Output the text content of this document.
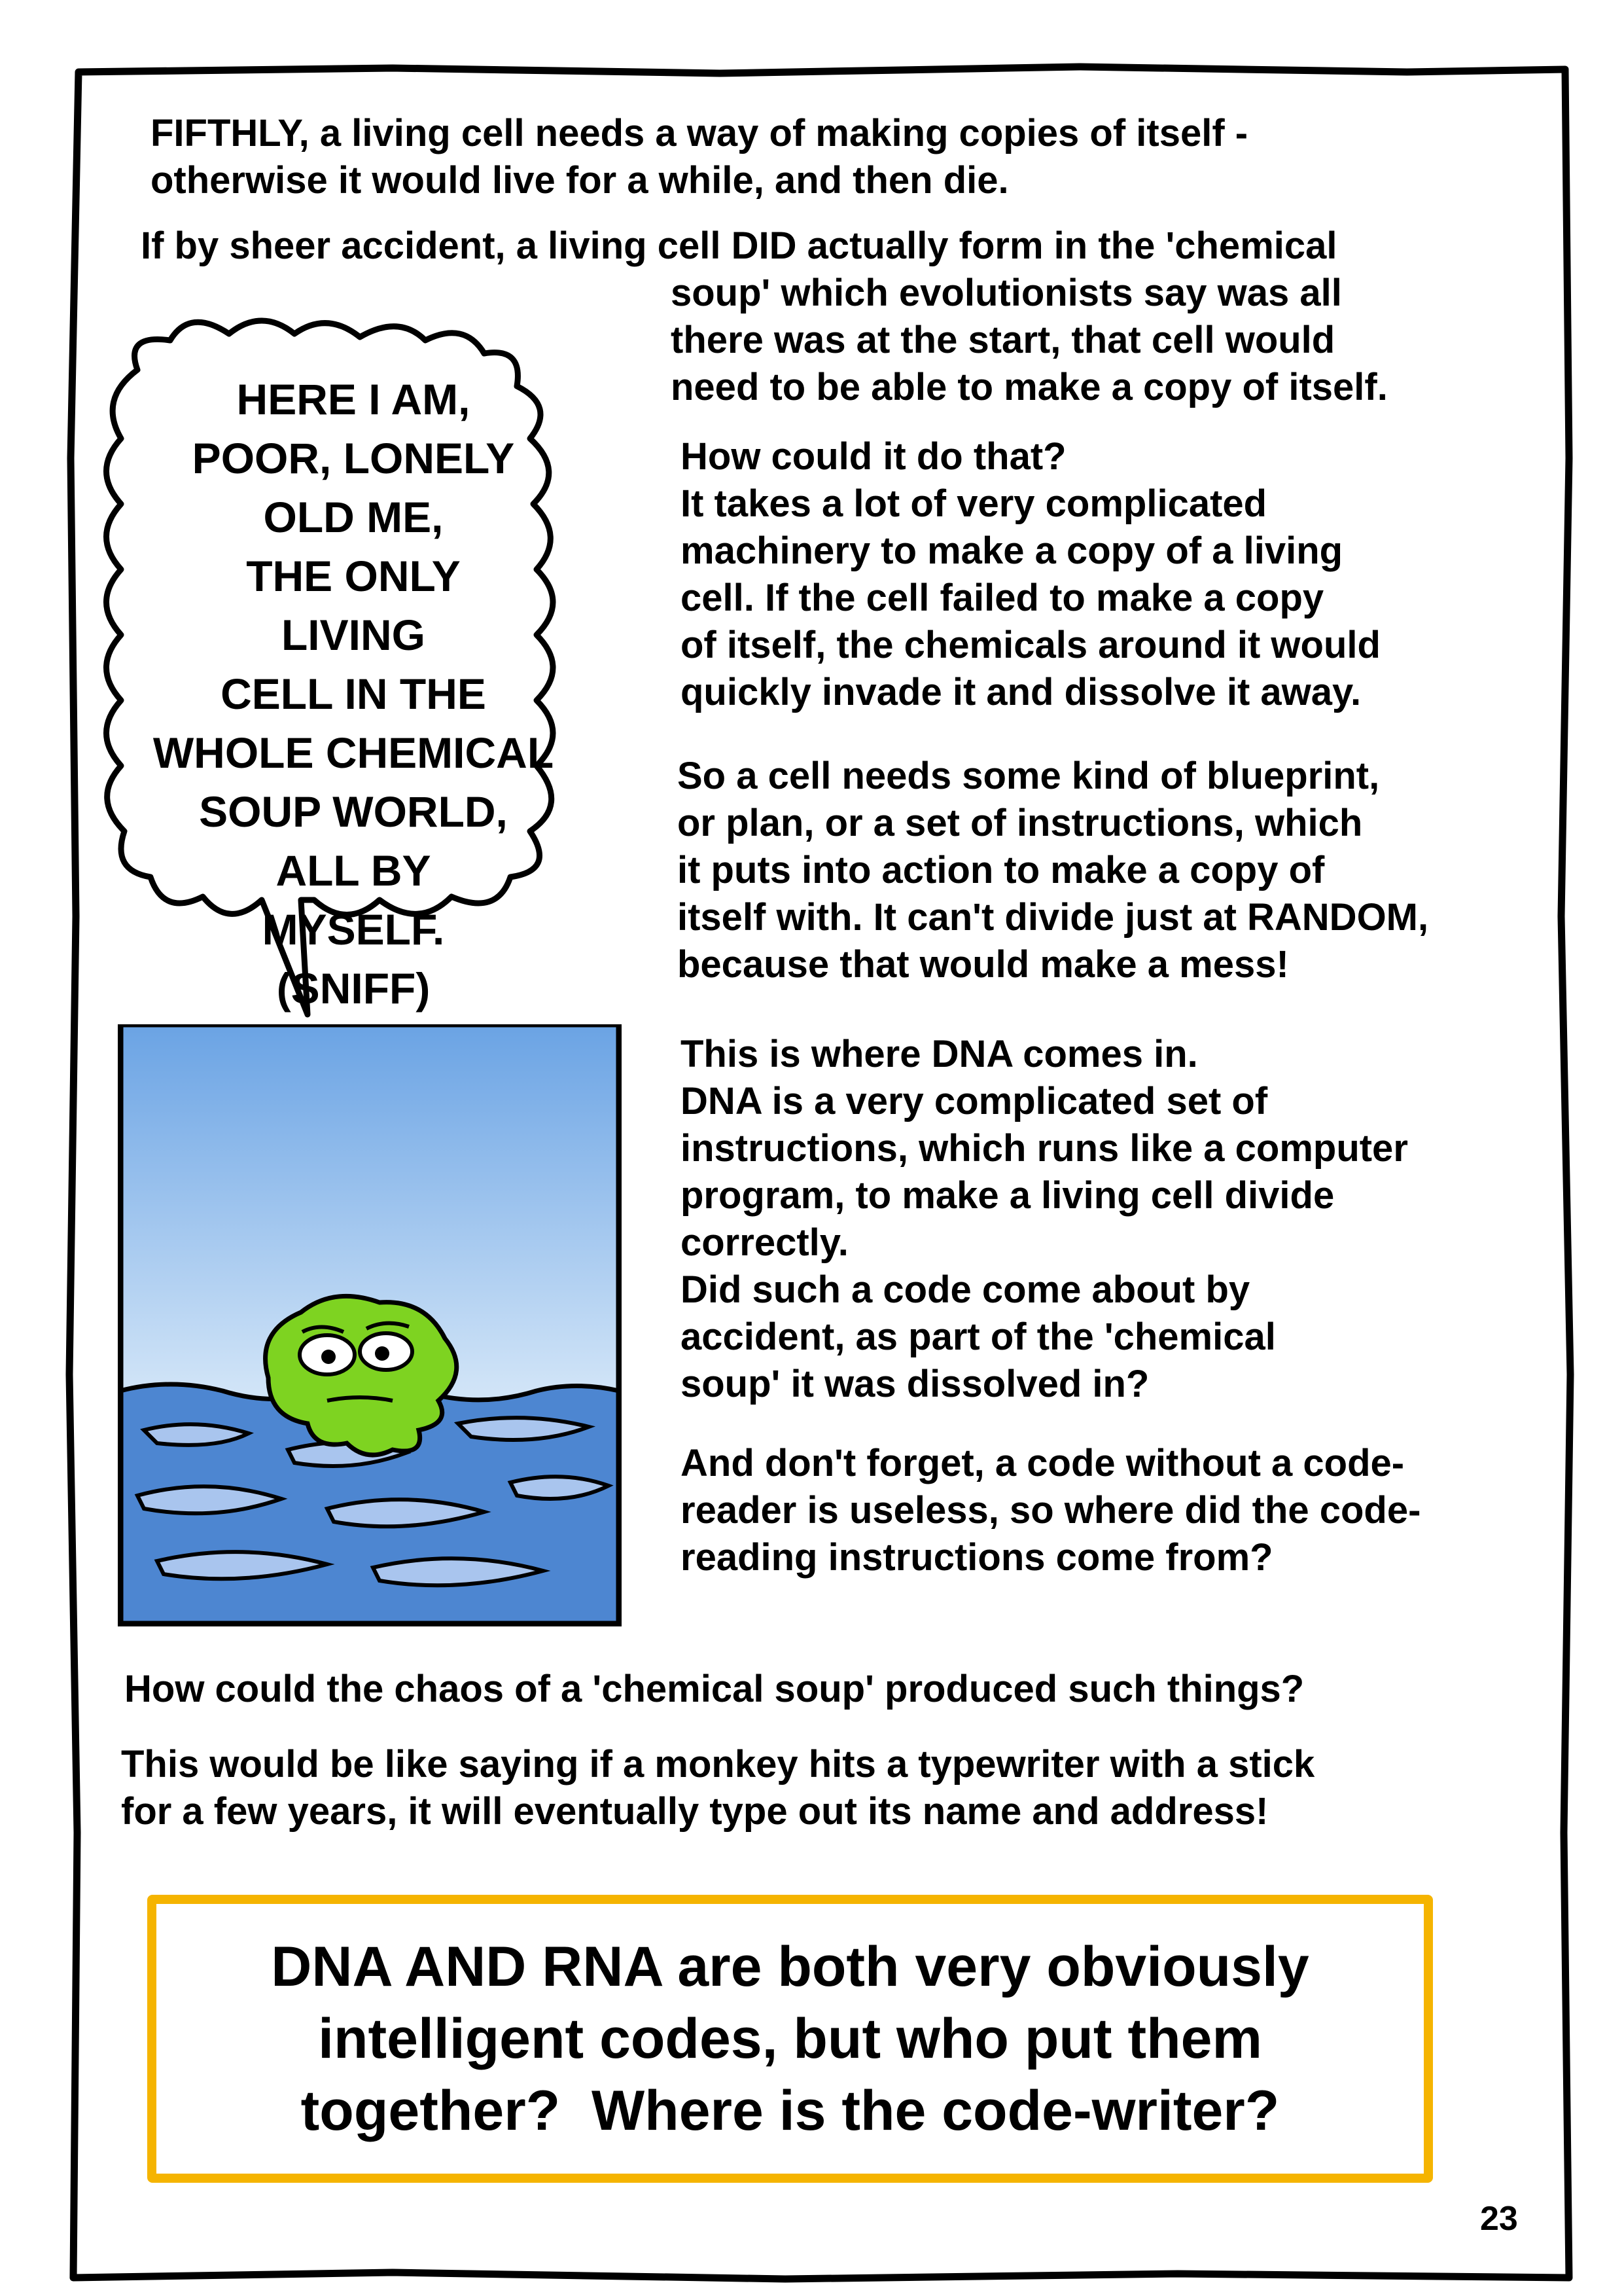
FIFTHLY, a living cell needs a way of making copies of itself -
otherwise it would live for a while, and then die.

If by sheer accident, a living cell DID actually form in the 'chemical

soup' which evolutionists say was all
there was at the start, that cell would
need to be able to make a copy of itself.

How could it do that?
It takes a lot of very complicated
machinery to make a copy of a living
cell. If the cell failed to make a copy
of itself, the chemicals around it would
quickly invade it and dissolve it away.

So a cell needs some kind of blueprint,
or plan, or a set of instructions, which
it puts into action to make a copy of
itself with. It can't divide just at RANDOM,
because that would make a mess!

This is where DNA comes in.
DNA is a very complicated set of
instructions, which runs like a computer
program, to make a living cell divide
correctly.
Did such a code come about by
accident, as part of the 'chemical
soup' it was dissolved in?

And don't forget, a code without a code-
reader is useless, so where did the code-
reading instructions come from?

HERE I AM,
POOR, LONELY
OLD ME,
THE ONLY
LIVING
CELL IN THE
WHOLE CHEMICAL
SOUP WORLD,
ALL BY
MYSELF.
(SNIFF)

How could the chaos of a 'chemical soup' produced such things?

This would be like saying if a monkey hits a typewriter with a stick
for a few years, it will eventually type out its name and address!

DNA AND RNA are both very obviously
intelligent codes, but who put them
together?  Where is the code-writer?

23
